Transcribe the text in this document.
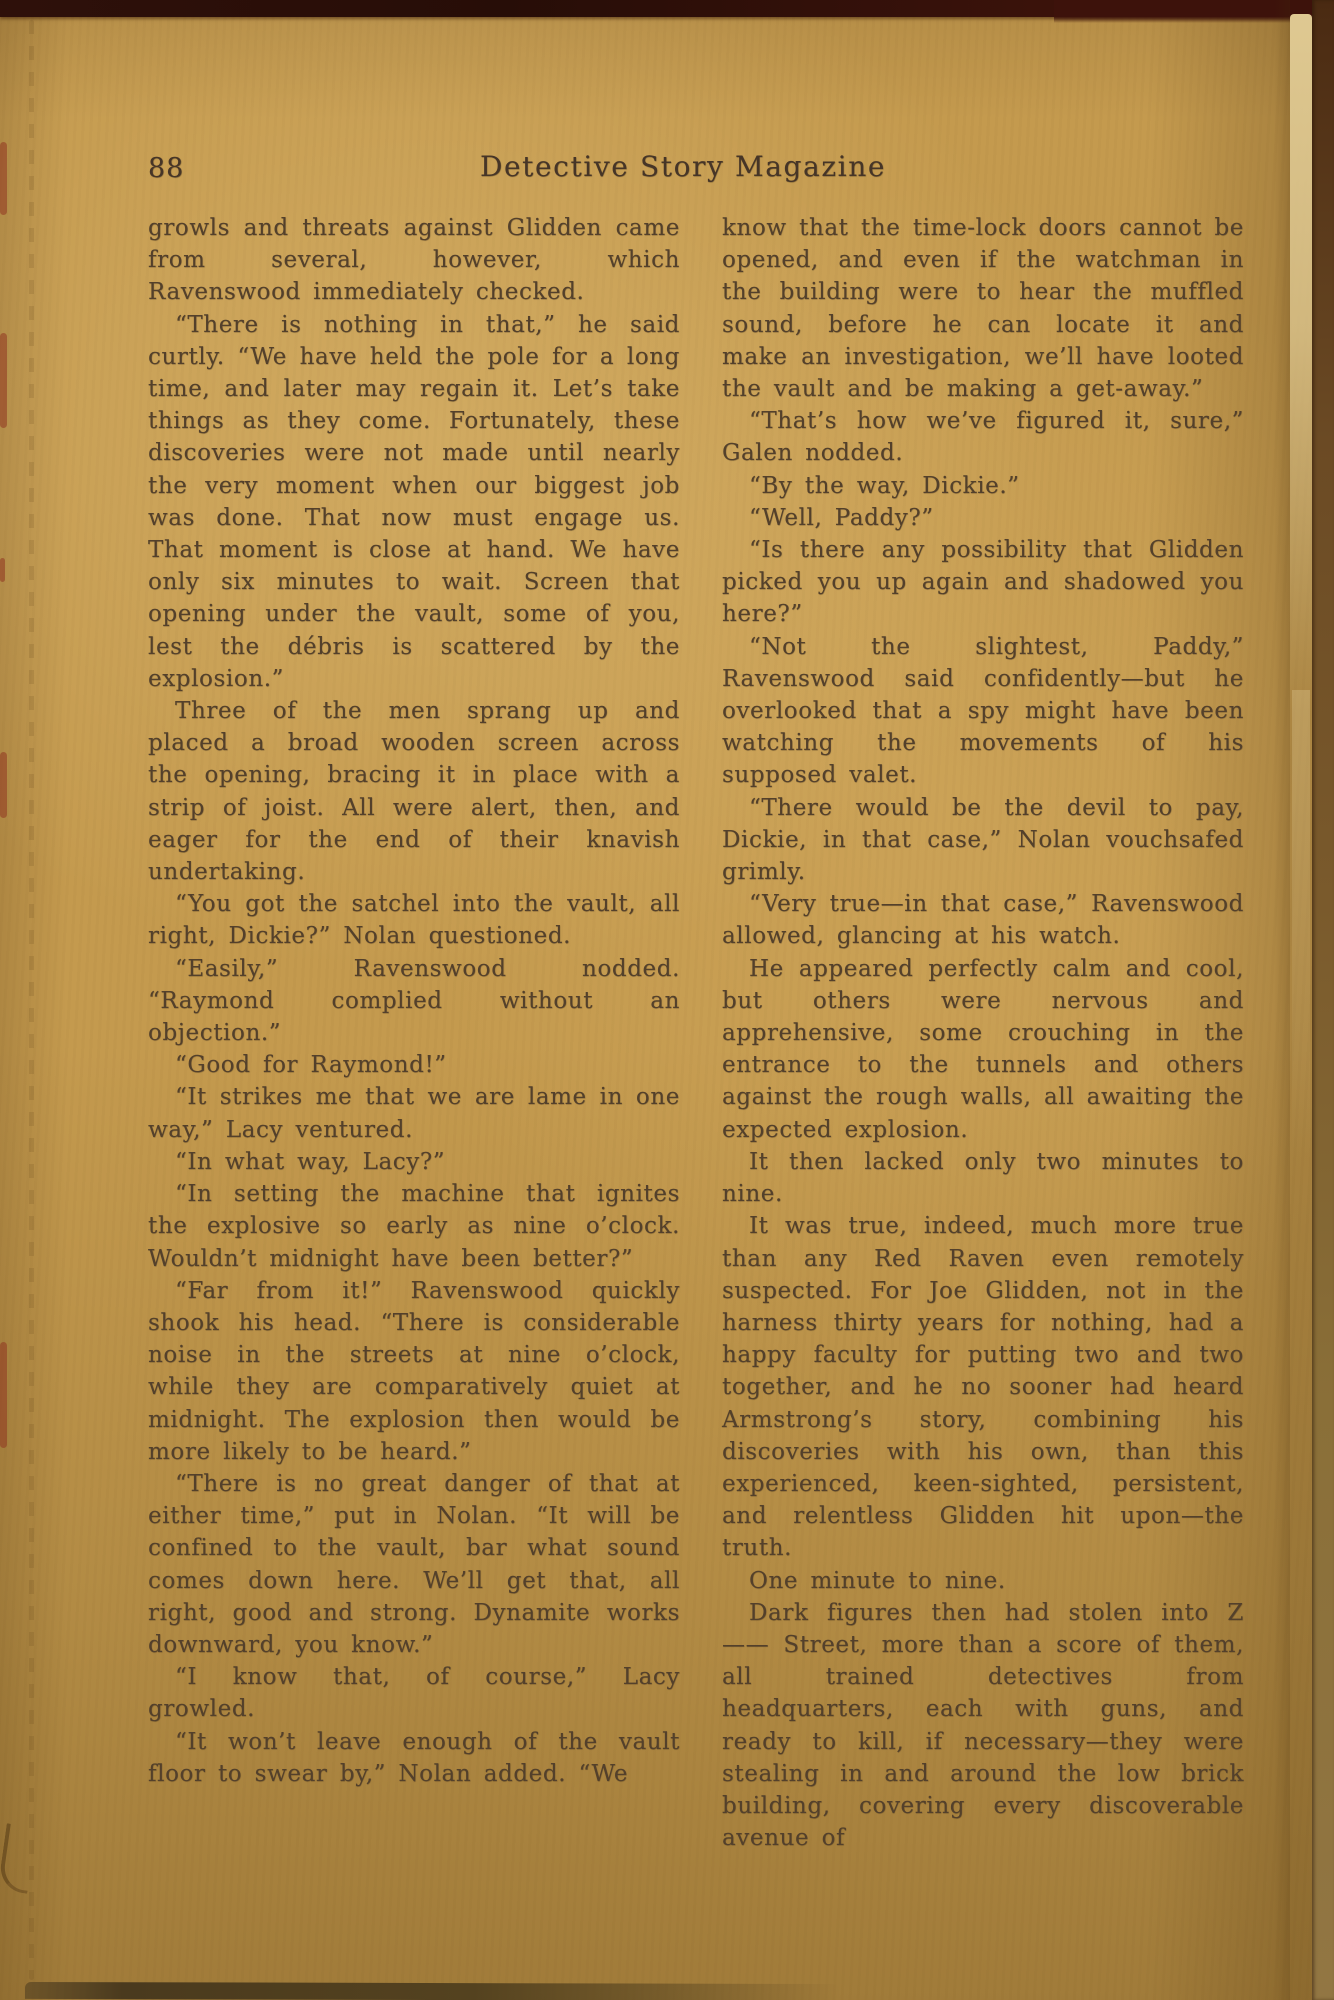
88	Detective Story Magazine

growls and threats against Glidden came from several, however, which Ravenswood immediately checked.

“There is nothing in that,” he said curtly. “We have held the pole for a long time, and later may regain it. Let’s take things as they come. Fortunately, these discoveries were not made until nearly the very moment when our biggest job was done. That now must engage us. That moment is close at hand. We have only six minutes to wait. Screen that opening under the vault, some of you, lest the débris is scattered by the explosion.”

Three of the men sprang up and placed a broad wooden screen across the opening, bracing it in place with a strip of joist. All were alert, then, and eager for the end of their knavish undertaking.

“You got the satchel into the vault, all right, Dickie?” Nolan questioned.

“Easily,” Ravenswood nodded. “Raymond complied without an objection.”

“Good for Raymond!”

“It strikes me that we are lame in one way,” Lacy ventured.

“In what way, Lacy?”

“In setting the machine that ignites the explosive so early as nine o’clock. Wouldn’t midnight have been better?”

“Far from it!” Ravenswood quickly shook his head. “There is considerable noise in the streets at nine o’clock, while they are comparatively quiet at midnight. The explosion then would be more likely to be heard.”

“There is no great danger of that at either time,” put in Nolan. “It will be confined to the vault, bar what sound comes down here. We’ll get that, all right, good and strong. Dynamite works downward, you know.”

“I know that, of course,” Lacy growled.

“It won’t leave enough of the vault floor to swear by,” Nolan added. “We

know that the time-lock doors cannot be opened, and even if the watchman in the building were to hear the muffled sound, before he can locate it and make an investigation, we’ll have looted the vault and be making a get-away.”

“That’s how we’ve figured it, sure,” Galen nodded.

“By the way, Dickie.”

“Well, Paddy?”

“Is there any possibility that Glidden picked you up again and shadowed you here?”

“Not the slightest, Paddy,” Ravenswood said confidently—but he overlooked that a spy might have been watching the movements of his supposed valet.

“There would be the devil to pay, Dickie, in that case,” Nolan vouchsafed grimly.

“Very true—in that case,” Ravenswood allowed, glancing at his watch.

He appeared perfectly calm and cool, but others were nervous and apprehensive, some crouching in the entrance to the tunnels and others against the rough walls, all awaiting the expected explosion.

It then lacked only two minutes to nine.

It was true, indeed, much more true than any Red Raven even remotely suspected. For Joe Glidden, not in the harness thirty years for nothing, had a happy faculty for putting two and two together, and he no sooner had heard Armstrong’s story, combining his discoveries with his own, than this experienced, keen-sighted, persistent, and relentless Glidden hit upon—the truth.

One minute to nine.

Dark figures then had stolen into Z—— Street, more than a score of them, all trained detectives from headquarters, each with guns, and ready to kill, if necessary—they were stealing in and around the low brick building, covering every discoverable avenue of
